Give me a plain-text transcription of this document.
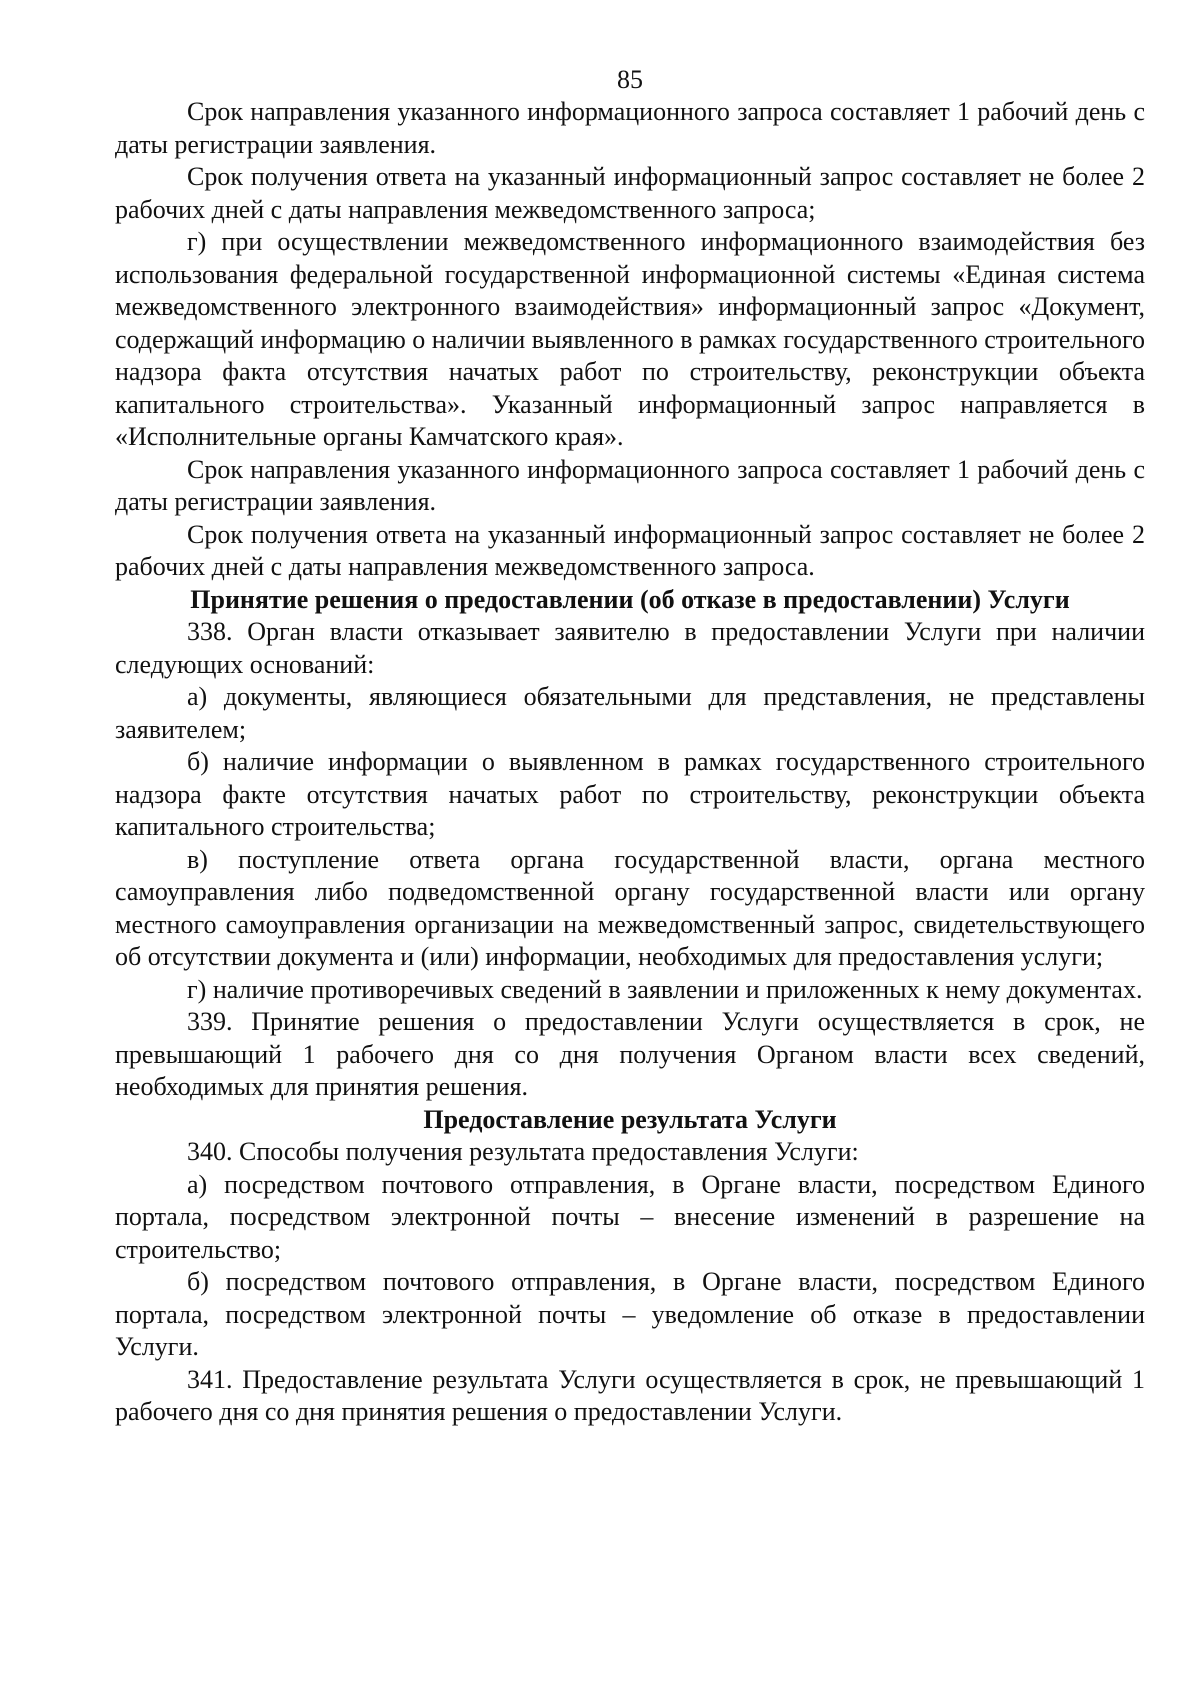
85

Срок направления указанного информационного запроса составляет 1 рабочий день с даты регистрации заявления.

Срок получения ответа на указанный информационный запрос составляет не более 2 рабочих дней с даты направления межведомственного запроса;

г) при осуществлении межведомственного информационного взаимодействия без использования федеральной государственной информационной системы «Единая система межведомственного электронного взаимодействия» информационный запрос «Документ, содержащий информацию о наличии выявленного в рамках государственного строительного надзора факта отсутствия начатых работ по строительству, реконструкции объекта капитального строительства». Указанный информационный запрос направляется в «Исполнительные органы Камчатского края».

Срок направления указанного информационного запроса составляет 1 рабочий день с даты регистрации заявления.

Срок получения ответа на указанный информационный запрос составляет не более 2 рабочих дней с даты направления межведомственного запроса.

Принятие решения о предоставлении (об отказе в предоставлении) Услуги

338. Орган власти отказывает заявителю в предоставлении Услуги при наличии следующих оснований:

а) документы, являющиеся обязательными для представления, не представлены заявителем;

б) наличие информации о выявленном в рамках государственного строительного надзора факте отсутствия начатых работ по строительству, реконструкции объекта капитального строительства;

в) поступление ответа органа государственной власти, органа местного самоуправления либо подведомственной органу государственной власти или органу местного самоуправления организации на межведомственный запрос, свидетельствующего об отсутствии документа и (или) информации, необходимых для предоставления услуги;

г) наличие противоречивых сведений в заявлении и приложенных к нему документах.

339. Принятие решения о предоставлении Услуги осуществляется в срок, не превышающий 1 рабочего дня со дня получения Органом власти всех сведений, необходимых для принятия решения.

Предоставление результата Услуги

340. Способы получения результата предоставления Услуги:

а) посредством почтового отправления, в Органе власти, посредством Единого портала, посредством электронной почты – внесение изменений в разрешение на строительство;

б) посредством почтового отправления, в Органе власти, посредством Единого портала, посредством электронной почты – уведомление об отказе в предоставлении Услуги.

341. Предоставление результата Услуги осуществляется в срок, не превышающий 1 рабочего дня со дня принятия решения о предоставлении Услуги.
